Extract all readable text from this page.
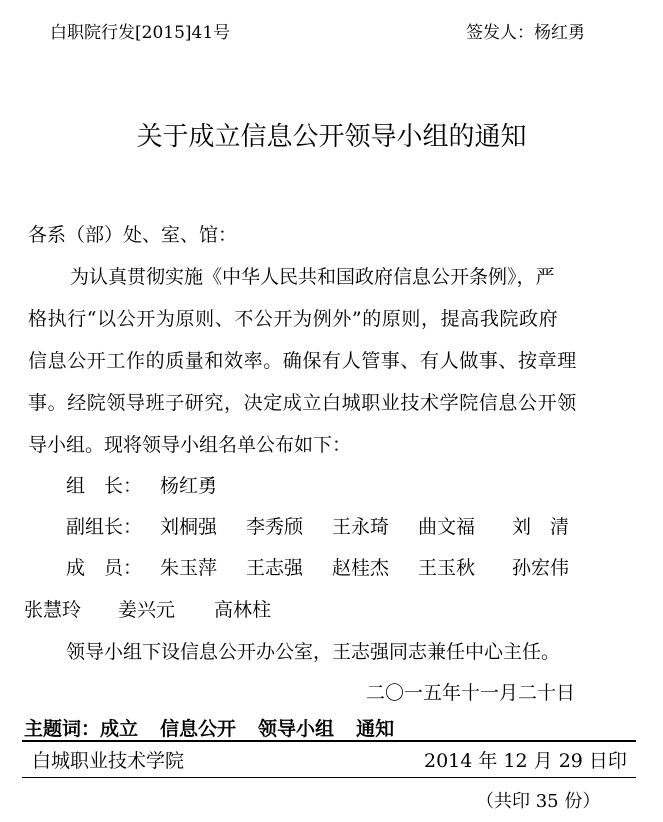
白职院行发[2015]41号	签发人：杨红勇
关于成立信息公开领导小组的通知
各系（部）处、室、馆：
为认真贯彻实施《中华人民共和国政府信息公开条例》，严
格执行“以公开为原则、不公开为例外”的原则，提高我院政府
信息公开工作的质量和效率。确保有人管事、有人做事、按章理
事。经院领导班子研究，决定成立白城职业技术学院信息公开领
导小组。现将领导小组名单公布如下：
组　长： 杨红勇
副组长： 刘桐强 李秀颀 王永琦 曲文福 刘　清
成　员： 朱玉萍 王志强 赵桂杰 王玉秋 孙宏伟
张慧玲 姜兴元 高林柱
领导小组下设信息公开办公室，王志强同志兼任中心主任。
二〇一五年十一月二十日
主题词：成立 信息公开 领导小组 通知
白城职业技术学院	2014 年 12 月 29 日印
（共印 35 份）
